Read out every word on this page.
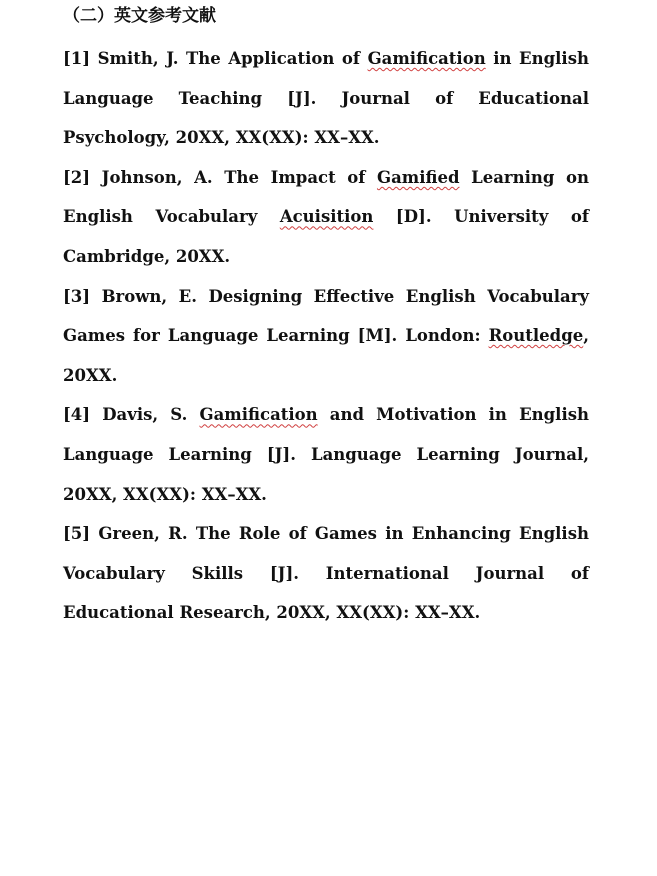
（二）英文参考文献

[1] Smith, J. The Application of Gamification in English Language Teaching [J]. Journal of Educational Psychology, 20XX, XX(XX): XX–XX.

[2] Johnson, A. The Impact of Gamified Learning on English Vocabulary Acuisition [D]. University of Cambridge, 20XX.

[3] Brown, E. Designing Effective English Vocabulary Games for Language Learning [M]. London: Routledge, 20XX.

[4] Davis, S. Gamification and Motivation in English Language Learning [J]. Language Learning Journal, 20XX, XX(XX): XX–XX.

[5] Green, R. The Role of Games in Enhancing English Vocabulary Skills [J]. International Journal of Educational Research, 20XX, XX(XX): XX–XX.
